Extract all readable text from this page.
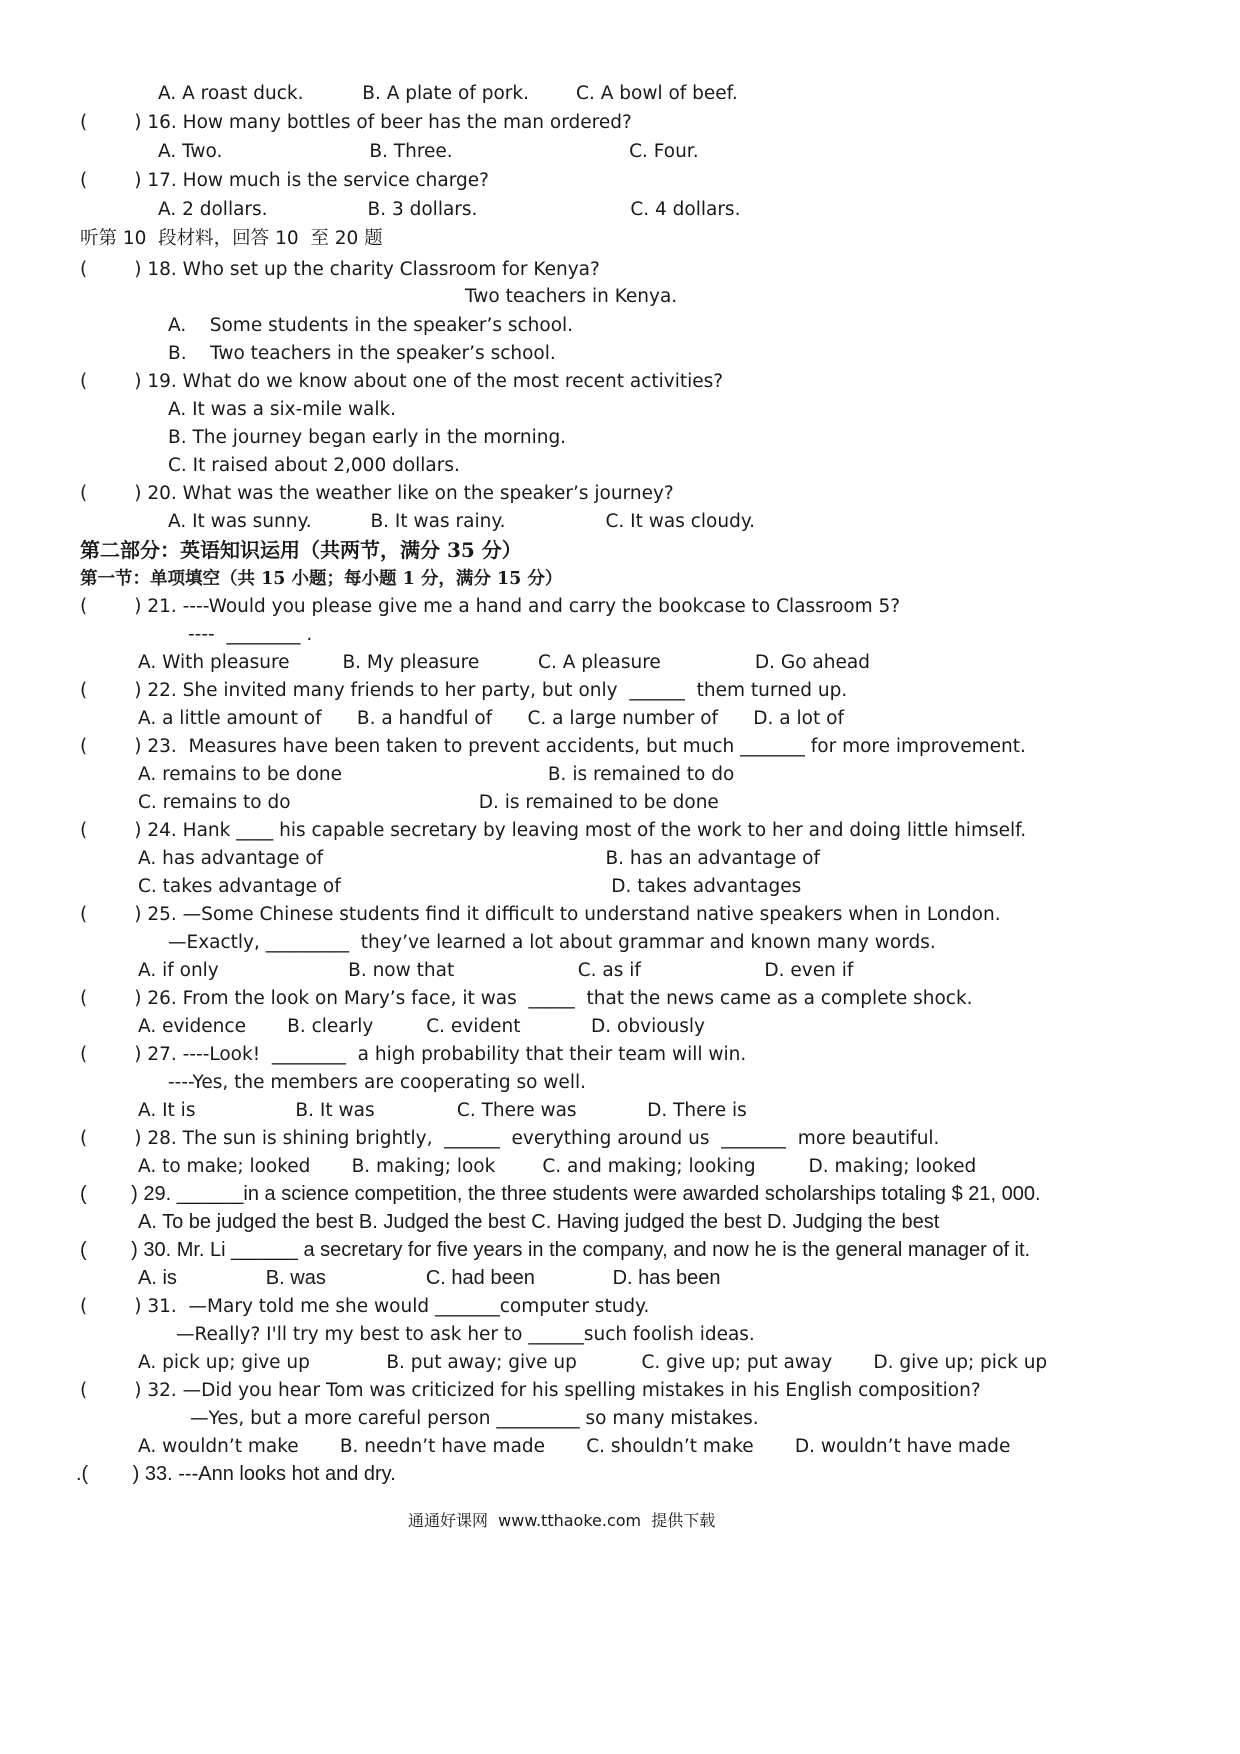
A. A roast duck.          B. A plate of pork.        C. A bowl of beef.
(        ) 16. How many bottles of beer has the man ordered?
A. Two.                         B. Three.                              C. Four.
(        ) 17. How much is the service charge?
A. 2 dollars.                 B. 3 dollars.                          C. 4 dollars.
听第 10  段材料，回答 10  至 20 题
(        ) 18. Who set up the charity Classroom for Kenya?
Two teachers in Kenya.
A.    Some students in the speaker’s school.
B.    Two teachers in the speaker’s school.
(        ) 19. What do we know about one of the most recent activities?
A. It was a six-mile walk.
B. The journey began early in the morning.
C. It raised about 2,000 dollars.
(        ) 20. What was the weather like on the speaker’s journey?
A. It was sunny.          B. It was rainy.                 C. It was cloudy.
第二部分：英语知识运用（共两节，满分 35 分）
第一节：单项填空（共 15 小题；每小题 1 分，满分 15 分）
(        ) 21. ----Would you please give me a hand and carry the bookcase to Classroom 5?
----  ________ .
A. With pleasure         B. My pleasure          C. A pleasure                D. Go ahead
(        ) 22. She invited many friends to her party, but only  ______  them turned up.
A. a little amount of      B. a handful of      C. a large number of      D. a lot of
(        ) 23.  Measures have been taken to prevent accidents, but much _______ for more improvement.
A. remains to be done                                   B. is remained to do
C. remains to do                                D. is remained to be done
(        ) 24. Hank ____ his capable secretary by leaving most of the work to her and doing little himself.
A. has advantage of                                                B. has an advantage of
C. takes advantage of                                              D. takes advantages
(        ) 25. —Some Chinese students find it difficult to understand native speakers when in London.
—Exactly, _________  they’ve learned a lot about grammar and known many words.
A. if only                      B. now that                     C. as if                     D. even if
(        ) 26. From the look on Mary’s face, it was  _____  that the news came as a complete shock.
A. evidence       B. clearly         C. evident            D. obviously
(        ) 27. ----Look!  ________  a high probability that their team will win.
----Yes, the members are cooperating so well.
A. It is                 B. It was              C. There was            D. There is
(        ) 28. The sun is shining brightly,  ______  everything around us  _______  more beautiful.
A. to make; looked       B. making; look        C. and making; looking         D. making; looked
(        ) 29. ______in a science competition, the three students were awarded scholarships totaling $ 21, 000.
A. To be judged the best B. Judged the best C. Having judged the best D. Judging the best
(        ) 30. Mr. Li ______ a secretary for five years in the company, and now he is the general manager of it.
A. is                B. was                  C. had been              D. has been
(        ) 31.  —Mary told me she would _______computer study.
—Really? I'll try my best to ask her to ______such foolish ideas.
A. pick up; give up             B. put away; give up           C. give up; put away       D. give up; pick up
(        ) 32. —Did you hear Tom was criticized for his spelling mistakes in his English composition?
—Yes, but a more careful person _________ so many mistakes.
A. wouldn’t make       B. needn’t have made       C. shouldn’t make       D. wouldn’t have made
.(        ) 33. ---Ann looks hot and dry.
通通好课网  www.tthaoke.com  提供下载
